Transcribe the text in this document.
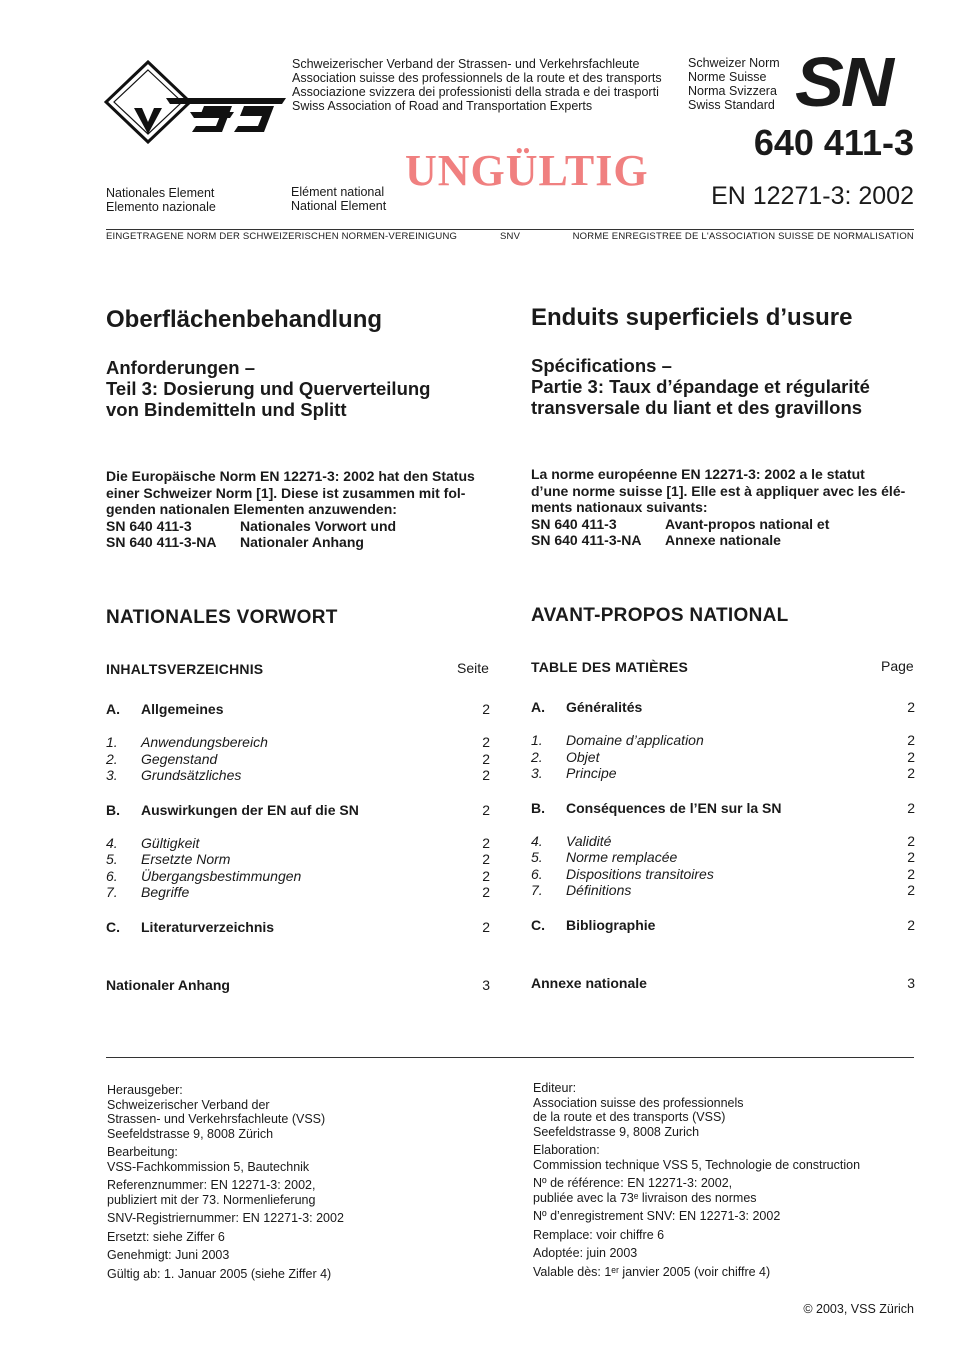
Schweizerischer Verband der Strassen- und Verkehrsfachleute
Association suisse des professionnels de la route et des transports
Associazione svizzera dei professionisti della strada e dei trasporti
Swiss Association of Road and Transportation Experts
Schweizer Norm
Norme Suisse
Norma Svizzera
Swiss Standard SN
640 411-3
UNGÜLTIG
EN 12271-3: 2002
Nationales Element
Elemento nazionale
Elément national
National Element
EINGETRAGENE NORM DER SCHWEIZERISCHEN NORMEN-VEREINIGUNG	SNV	NORME ENREGISTREE DE L'ASSOCIATION SUISSE DE NORMALISATION
Oberflächenbehandlung	Enduits superficiels d’usure
Anforderungen –
Teil 3: Dosierung und Querverteilung
von Bindemitteln und Splitt
Spécifications –
Partie 3: Taux d’épandage et régularité
transversale du liant et des gravillons
Die Europäische Norm EN 12271-3: 2002 hat den Status
einer Schweizer Norm [1]. Diese ist zusammen mit fol-
genden nationalen Elementen anzuwenden:
SN 640 411-3	Nationales Vorwort und
SN 640 411-3-NA	Nationaler Anhang
La norme européenne EN 12271-3: 2002 a le statut
d’une norme suisse [1]. Elle est à appliquer avec les élé-
ments nationaux suivants:
SN 640 411-3	Avant-propos national et
SN 640 411-3-NA	Annexe nationale
NATIONALES VORWORT	AVANT-PROPOS NATIONAL
INHALTSVERZEICHNIS	Seite	TABLE DES MATIÈRES	Page
A.	Allgemeines	2
1.	Anwendungsbereich	2
2.	Gegenstand	2
3.	Grundsätzliches	2
B.	Auswirkungen der EN auf die SN	2
4.	Gültigkeit	2
5.	Ersetzte Norm	2
6.	Übergangsbestimmungen	2
7.	Begriffe	2
C.	Literaturverzeichnis	2
Nationaler Anhang	3
A.	Généralités	2
1.	Domaine d’application	2
2.	Objet	2
3.	Principe	2
B.	Conséquences de l’EN sur la SN	2
4.	Validité	2
5.	Norme remplacée	2
6.	Dispositions transitoires	2
7.	Définitions	2
C.	Bibliographie	2
Annexe nationale	3
Herausgeber:
Schweizerischer Verband der
Strassen- und Verkehrsfachleute (VSS)
Seefeldstrasse 9, 8008 Zürich
Bearbeitung:
VSS-Fachkommission 5, Bautechnik
Referenznummer: EN 12271-3: 2002,
publiziert mit der 73. Normenlieferung
SNV-Registriernummer: EN 12271-3: 2002
Ersetzt: siehe Ziffer 6
Genehmigt: Juni 2003
Gültig ab: 1. Januar 2005 (siehe Ziffer 4)
Editeur:
Association suisse des professionnels
de la route et des transports (VSS)
Seefeldstrasse 9, 8008 Zurich
Elaboration:
Commission technique VSS 5, Technologie de construction
Nº de référence: EN 12271-3: 2002,
publiée avec la 73ᵉ livraison des normes
Nº d’enregistrement SNV: EN 12271-3: 2002
Remplace: voir chiffre 6
Adoptée: juin 2003
Valable dès: 1ᵉʳ janvier 2005 (voir chiffre 4)
© 2003, VSS Zürich
